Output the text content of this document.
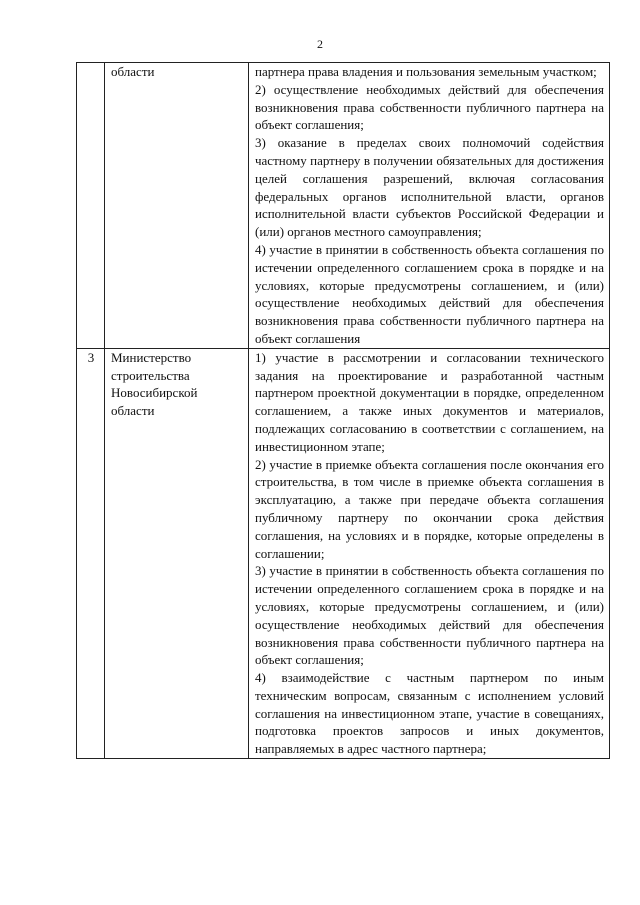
2
	области	партнера права владения и пользования земельным участком;
2) осуществление необходимых действий для обеспечения возникновения права собственности публичного партнера на объект соглашения;
3) оказание в пределах своих полномочий содействия частному партнеру в получении обязательных для достижения целей соглашения разрешений, включая согласования федеральных органов исполнительной власти, органов исполнительной власти субъектов Российской Федерации и (или) органов местного самоуправления;
4) участие в принятии в собственность объекта соглашения по истечении определенного соглашением срока в порядке и на условиях, которые предусмотрены соглашением, и (или) осуществление необходимых действий для обеспечения возникновения права собственности публичного партнера на объект соглашения

3	Министерство строительства Новосибирской области	1) участие в рассмотрении и согласовании технического задания на проектирование и разработанной частным партнером проектной документации в порядке, определенном соглашением, а также иных документов и материалов, подлежащих согласованию в соответствии с соглашением, на инвестиционном этапе;
2) участие в приемке объекта соглашения после окончания его строительства, в том числе в приемке объекта соглашения в эксплуатацию, а также при передаче объекта соглашения публичному партнеру по окончании срока действия соглашения, на условиях и в порядке, которые определены в соглашении;
3) участие в принятии в собственность объекта соглашения по истечении определенного соглашением срока в порядке и на условиях, которые предусмотрены соглашением, и (или) осуществление необходимых действий для обеспечения возникновения права собственности публичного партнера на объект соглашения;
4) взаимодействие с частным партнером по иным техническим вопросам, связанным с исполнением условий соглашения на инвестиционном этапе, участие в совещаниях, подготовка проектов запросов и иных документов, направляемых в адрес частного партнера;
